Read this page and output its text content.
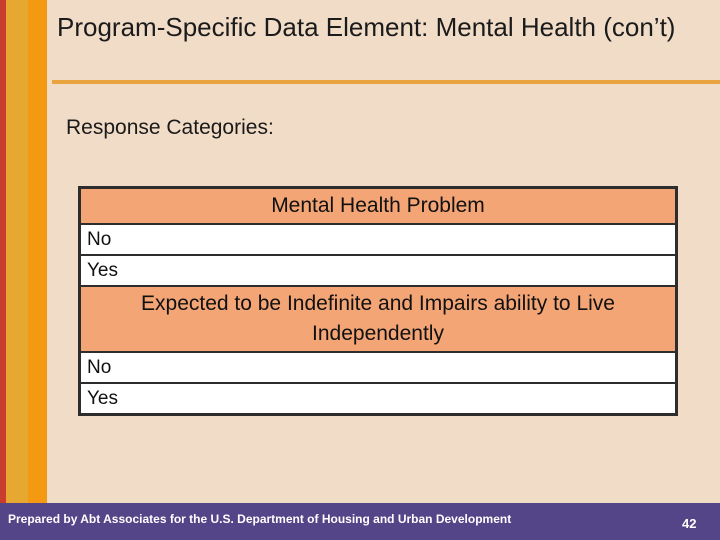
Program-Specific Data Element: Mental Health (con’t)
Response Categories:
Mental Health Problem
No
Yes
Expected to be Indefinite and Impairs ability to Live Independently
No
Yes
Prepared by Abt Associates for the U.S. Department of Housing and Urban Development	42
